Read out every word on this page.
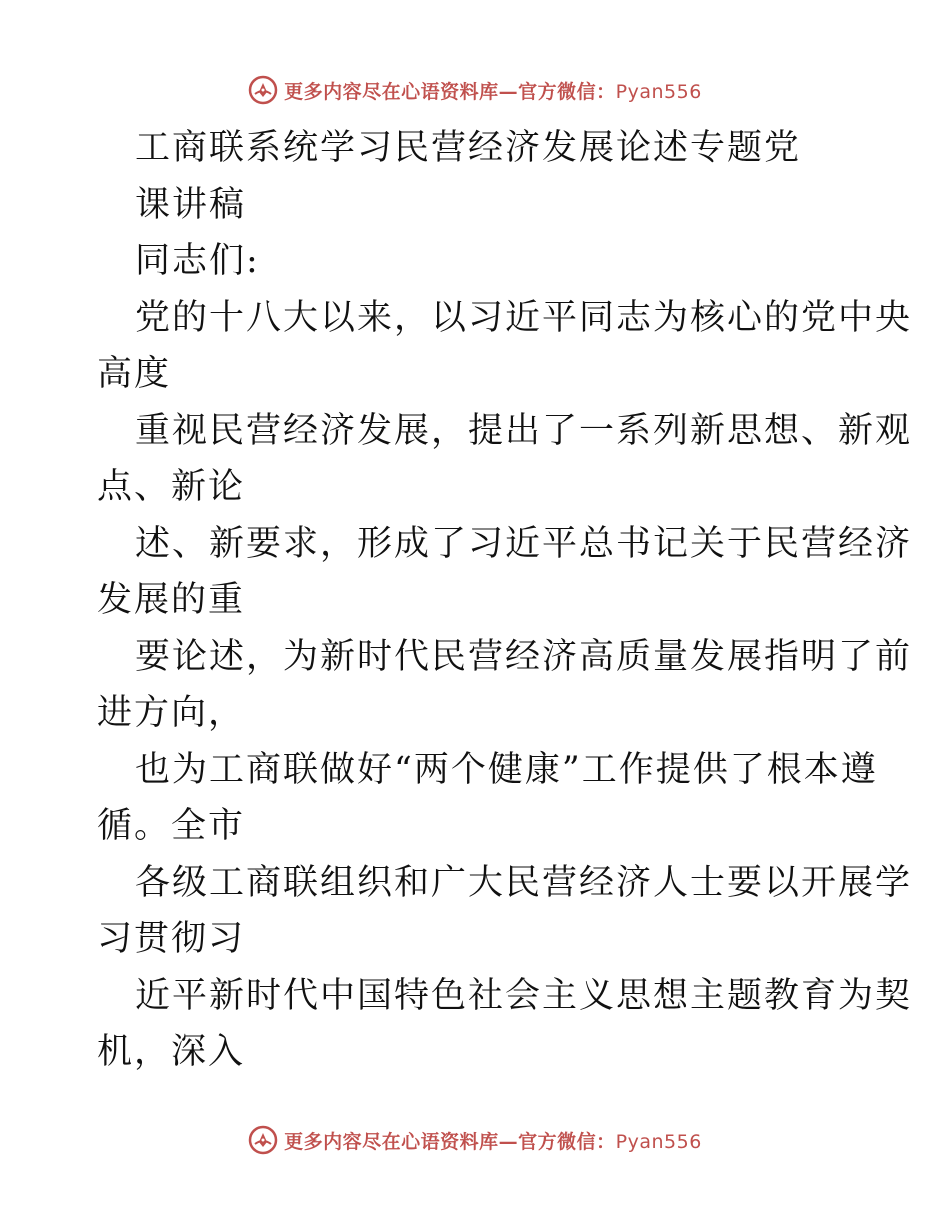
更多内容尽在心语资料库—官方微信：Pyan556
工商联系统学习民营经济发展论述专题党
课讲稿
同志们:
党的十八大以来，以习近平同志为核心的党中央
高度
重视民营经济发展，提出了一系列新思想、新观
点、新论
述、新要求，形成了习近平总书记关于民营经济
发展的重
要论述，为新时代民营经济高质量发展指明了前
进方向，
也为工商联做好“两个健康”工作提供了根本遵
循。全市
各级工商联组织和广大民营经济人士要以开展学
习贯彻习
近平新时代中国特色社会主义思想主题教育为契
机，深入
更多内容尽在心语资料库—官方微信：Pyan556
